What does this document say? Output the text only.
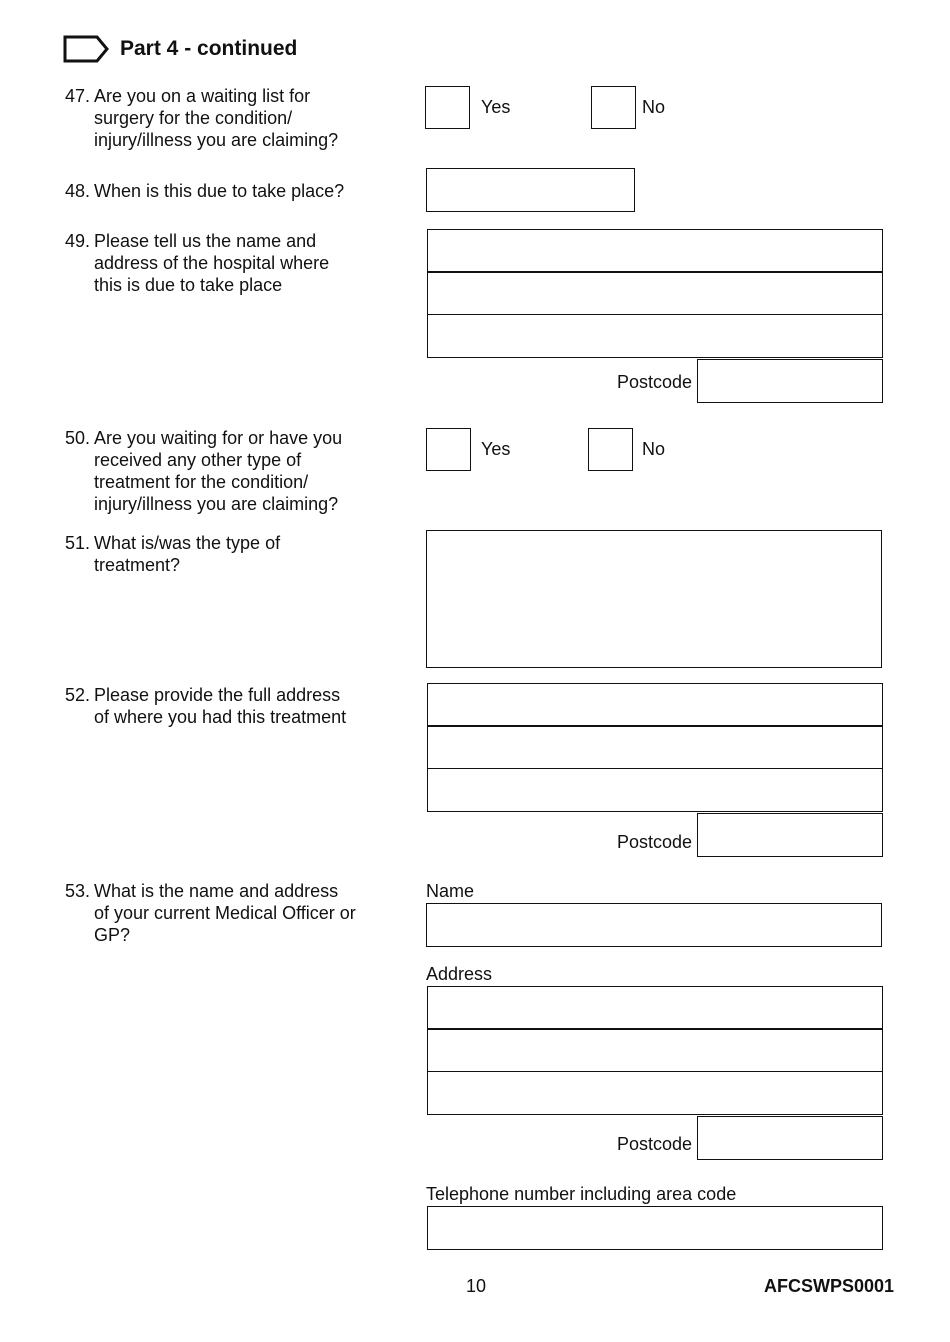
Part 4 - continued
47. Are you on a waiting list for
surgery for the condition/
injury/illness you are claiming?
Yes	No
48. When is this due to take place?
49. Please tell us the name and
address of the hospital where
this is due to take place
Postcode
50. Are you waiting for or have you
received any other type of
treatment for the condition/
injury/illness you are claiming?
Yes	No
51. What is/was the type of
treatment?
52. Please provide the full address
of where you had this treatment
Postcode
53. What is the name and address
of your current Medical Officer or
GP?
Name
Address
Postcode
Telephone number including area code
10	AFCSWPS0001
